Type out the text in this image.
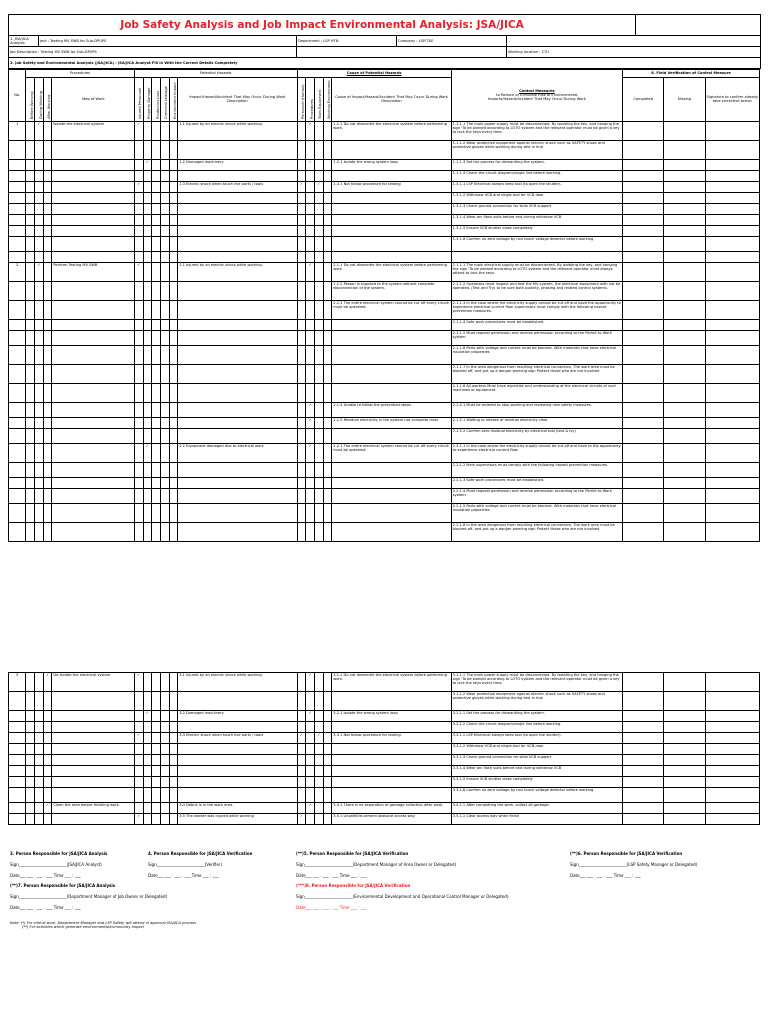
Job Safety Analysis and Job Impact Environmental Analysis: JSA/JICA	
1. JSA/JICA Analysis	ject : Testing MV SWB for Sub-DPUPS	Department : LSP HTN	Company : LSP/T&E	
Job Description : Testing MV SWB for Sub-DPUPS				Working location : CTU
2. Job Safety and Environmental Analysis (JSA/JICA) : JSA/JICA Analyst Fill in With the Correct Details Completely				
No.	Procedures				Potential Hazards						Cause of Potential Hazards					Control Measures
to Reduce or Eliminate Risk of Environmental
Impacts/Hazard/Accident That May Occur During Work	8. Field Verification of Control Measure		
	Before Working	During Working	After Working	Step of Work	Injured Personnel	Property Damage	Production Loss	Chemical Leakage	Environment Impact	Impact/Hazard/Accident That May Occur During Work Description	Personnel (Human)	Procedures	Tools Equipment	Working Environment	Cause of Impact/Hazard/Accident That May Occur During Work Description		Completed	Missing	Signature to confirm already take corrective action
1		✓		Isolate the electrical system	✓					1.1 Injured by an electric shock while working.		✓			1.1.1 Do not dismantle the electrical system before performing work.	1.1.1.1 The main power supply must be disconnected. By isolating the key, and hanging the sign 'To be worked according to LOTO system and the relevant operator must be given a key to lock the keys every time.			
																1.1.1.2 Wear protective equipment against electric shock such as SAFETY shoes and protective gloves while working during test in hub			
						✓				1.2 Damaged machinery		✓			1.2.1 Isolate the wrong system loop	1.1.1.3 Set the process for dismantling the system.			
																1.1.1.4 Check the circuit diagram/single line before working.			
					✓					1.3 Electric shock when touch live parts / tools	✓		✓		1.3.1 Not follow procedure for testing	1.3.1.1 LSP Electrical always keep tool (to open the shutter).			
																1.3.1.2 Withdraw VCB and single tool for VCB door			
																1.3.1.3 Check ground connection for slide VCB support			
																1.3.1.4 Wear arc flash suits before and during withdraw VCB			
																1.3.1.5 Ensure VCB shutter close completely			
																1.3.1.6 Confirm no zero voltage by non touch voltage detector before working			

2		✓		Perform Testing MV SWB	✓					2.1 Injured by an electric shock while working.		✓			2.1.1 Do not dismantle the electrical system before performing work.	2.1.1.1 The main electrical supply must be disconnected. By isolating the key, and hanging the sign 'To be worked according to LOTO system and the relevant operator must always attend to lock the keys.			
															2.1.2 Person is supplied to the system without complete disconnection of the system.	2.1.1.2 Operators must inspect and test the MV system, the electrical equipment with not be operated. (Test and Try) to be sure both polarity, phasing and related control systems.			
															2.1.3 The entire electrical system cannot be cut off every circuit must be operated.	2.1.1.3 In the case where the electricity supply cannot be cut off and have the opportunity to experience electrical current flow. supervisors must comply with the following hazard prevention measures.			
																2.1.1.4 Safe work procedures must be established.			
																2.1.1.5 Must request permission and receive permission according to the Permit to Work system			
																2.1.1.6 Parts with voltage and current must be blocked. With materials that have electrical insulation properties			
																2.1.1.7 In the area dangerous from resulting electrical connection, The work area must be blocked off, and put up a danger warning sign Protect those who are not involved			
																2.1.1.8 All workers Must have expertise and understanding of the electrical circuits of such machines or equipment.			
												✓			2.1.4 Unable to follow the prescribed steps.	2.1.4.1 Must be ordered to stop working and reviewing new safety measures.			
												✓			2.1.5 Residual electricity in the system not complete clear	2.1.5.1 Waiting to release of residual electricity clear			
																2.1.5.2 Confirm zero residual electricity by electrical tool (test & try)			
						✓				2.2 Equipment damaged due to electrical work		✓			2.2.1 The entire electrical system cannot be cut off every circuit must be operated.	2.2.1.1 In the case where the electricity supply cannot be cut off and have to the opportunity to experience electrical current flow.			
																2.2.1.2 Main supervisors must comply with the following hazard prevention measures.			
																2.2.1.3 Safe work procedures must be established.			
																2.2.1.4 Must request permission and receive permission according to the Permit to Work system			
																2.2.1.5 Parts with voltage and current must be blocked. With materials that have electrical insulation properties			
																2.2.1.6 In the area dangerous from resulting electrical connection, The work area must be blocked off, and put up a danger warning sign Protect those who are not involved			
3			✓	De-isolate the electrical system	✓					3.1 Injured by an electric shock while working.		✓			3.1.1 Do not dismantle the electrical system before performing work.	3.1.1.1 The main power supply must be disconnected. By isolating the key, and hanging the sign 'To be worked according to LOTO system and the relevant operator must be given a key to lock the keys every time.			
																3.1.1.2 Wear protective equipment against electric shock such as SAFETY shoes and protective gloves while working during test in hub			
						✓				3.2 Damaged machinery		✓			3.2.1 Isolate the wrong system loop	3.2.1.1 Set the process for dismantling the system.			
																3.2.1.2 Check the circuit diagram/single line before working.			
					✓					3.3 Electric shock when touch live parts / tools	✓		✓		3.3.1 Not follow procedure for testing	3.3.1.1 LSP Electrical always keep tool (to open the shutter).			
																3.3.1.2 Withdraw VCB and single tool for VCB door			
																3.3.1.3 Check ground connection for slide VCB support			
																3.3.1.4 Wear arc flash suits before and during withdraw VCB			
																3.3.1.5 Ensure VCB shutter close completely			
																3.3.1.6 Confirm no zero voltage by non touch voltage detector before working			
			✓	Clean the area before finishing work.						3.4 Debris is in the work area.		✓			3.4.1 There is no separation of garbage collection after work.	3.4.1.1 After completing the work, collect all garbage.			
					✓					3.5 The worker was injured while working	✓				3.5.1 Unsafe(tie-cement obstacle access way	3.5.1.1 Clear access way when finish			
3. Person Responsible for JSA/JICA Analysis
Sign________________________(JSA/JICA Analyst)
Date___ ___ . ___ . ___ Time ___ : ___
4. Person Responsible for JSA/JICA Verification
Sign________________________(Verifier)
Date___ ___ . ___ . ___ Time ___ : ___
(**)5. Person Responsible for JSA/JICA Verification
Sign________________________(Department Manager of Area Owner or Delegated)
Date___ ___ . ___ . ___ Time ___ : ___
(**)6. Person Responsible for JSA/JICA Verification
Sign________________________(LSP Safety Manager or Delegated)
Date___ ___ . ___ . ___ Time ___ : ___
(**)7. Person Responsible for JSA/JICA Analysis
Sign________________________(Department Manager of Job Owner or Delegated)
Date___ ___ . ___ . ___ Time ___ : ___
(***)8. Person Responsible for JSA/JICA Verification
Sign________________________(Environmental Development and Operational Control Manager or Delegated)
Date___ ___ . ___ . ___ Time ___ : ___
Note: (*) For critical work, Department Manager and LSP Safety will attend in approval JSA/JICA process
(**) For activities which generate environmental/community impact
